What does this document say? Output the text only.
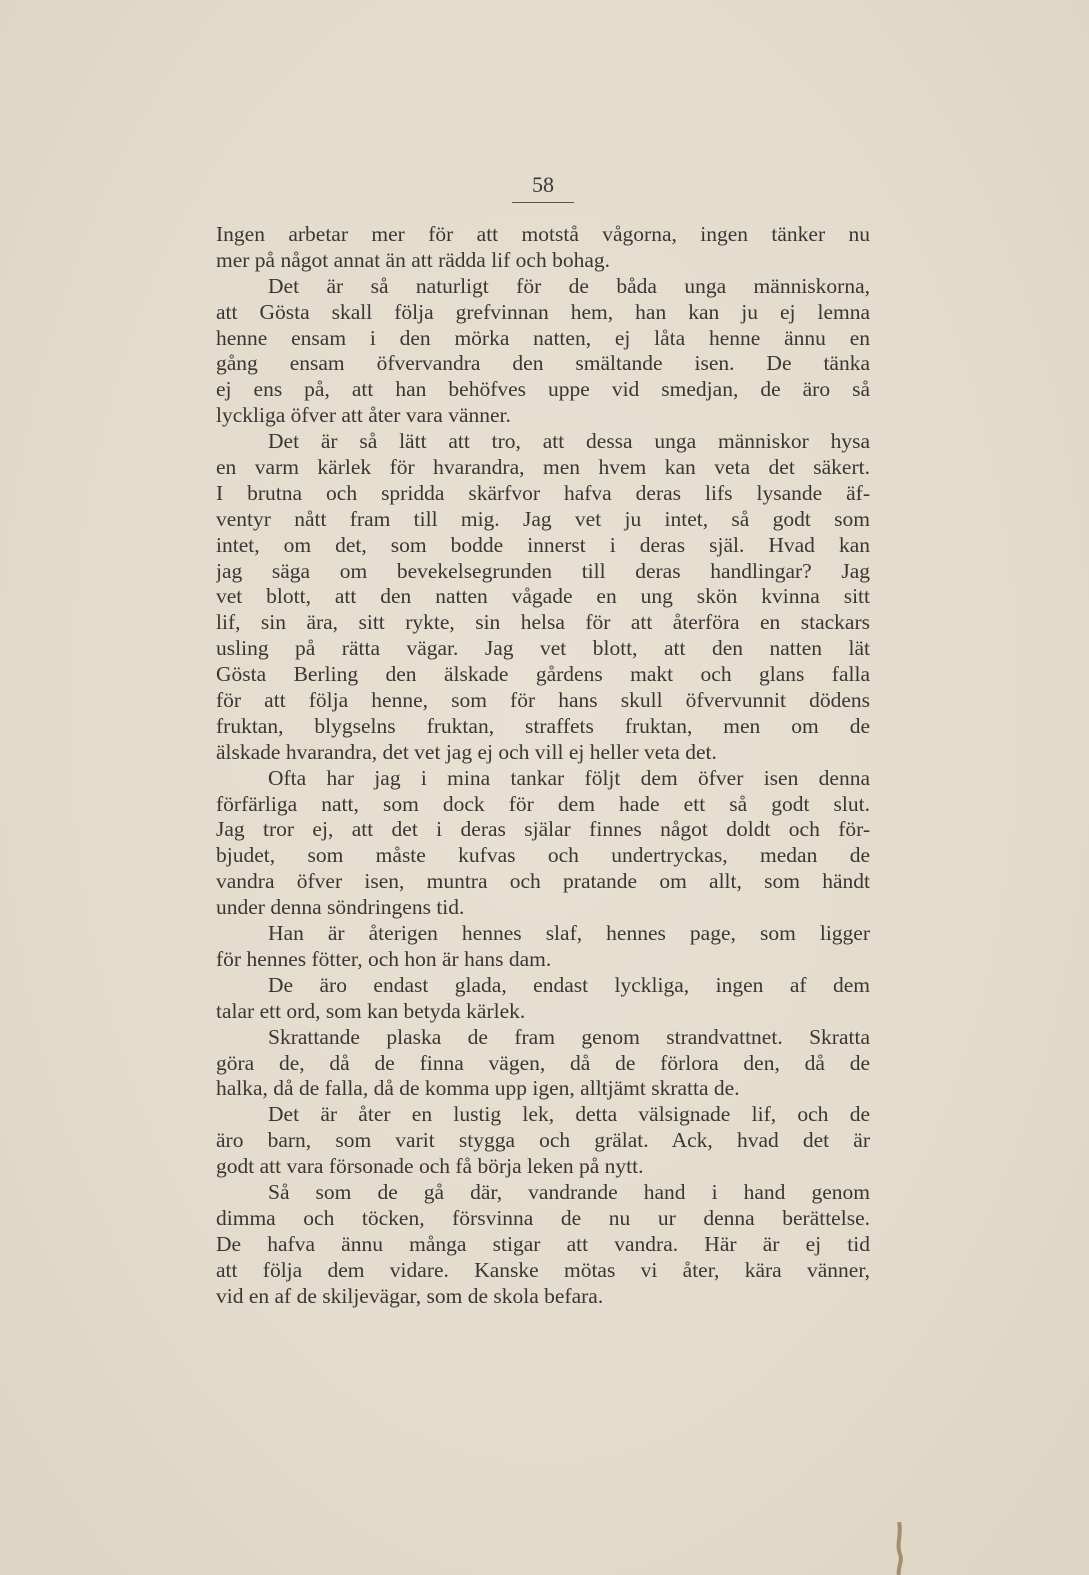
58
Ingen arbetar mer för att motstå vågorna, ingen tänker nu
mer på något annat än att rädda lif och bohag.
Det är så naturligt för de båda unga människorna,
att Gösta skall följa grefvinnan hem, han kan ju ej lemna
henne ensam i den mörka natten, ej låta henne ännu en
gång ensam öfvervandra den smältande isen. De tänka
ej ens på, att han behöfves uppe vid smedjan, de äro så
lyckliga öfver att åter vara vänner.
Det är så lätt att tro, att dessa unga människor hysa
en varm kärlek för hvarandra, men hvem kan veta det säkert.
I brutna och spridda skärfvor hafva deras lifs lysande äf-
ventyr nått fram till mig. Jag vet ju intet, så godt som
intet, om det, som bodde innerst i deras själ. Hvad kan
jag säga om bevekelsegrunden till deras handlingar? Jag
vet blott, att den natten vågade en ung skön kvinna sitt
lif, sin ära, sitt rykte, sin helsa för att återföra en stackars
usling på rätta vägar. Jag vet blott, att den natten lät
Gösta Berling den älskade gårdens makt och glans falla
för att följa henne, som för hans skull öfvervunnit dödens
fruktan, blygselns fruktan, straffets fruktan, men om de
älskade hvarandra, det vet jag ej och vill ej heller veta det.
Ofta har jag i mina tankar följt dem öfver isen denna
förfärliga natt, som dock för dem hade ett så godt slut.
Jag tror ej, att det i deras själar finnes något doldt och för-
bjudet, som måste kufvas och undertryckas, medan de
vandra öfver isen, muntra och pratande om allt, som händt
under denna söndringens tid.
Han är återigen hennes slaf, hennes page, som ligger
för hennes fötter, och hon är hans dam.
De äro endast glada, endast lyckliga, ingen af dem
talar ett ord, som kan betyda kärlek.
Skrattande plaska de fram genom strandvattnet. Skratta
göra de, då de finna vägen, då de förlora den, då de
halka, då de falla, då de komma upp igen, alltjämt skratta de.
Det är åter en lustig lek, detta välsignade lif, och de
äro barn, som varit stygga och grälat. Ack, hvad det är
godt att vara försonade och få börja leken på nytt.
Så som de gå där, vandrande hand i hand genom
dimma och töcken, försvinna de nu ur denna berättelse.
De hafva ännu många stigar att vandra. Här är ej tid
att följa dem vidare. Kanske mötas vi åter, kära vänner,
vid en af de skiljevägar, som de skola befara.
